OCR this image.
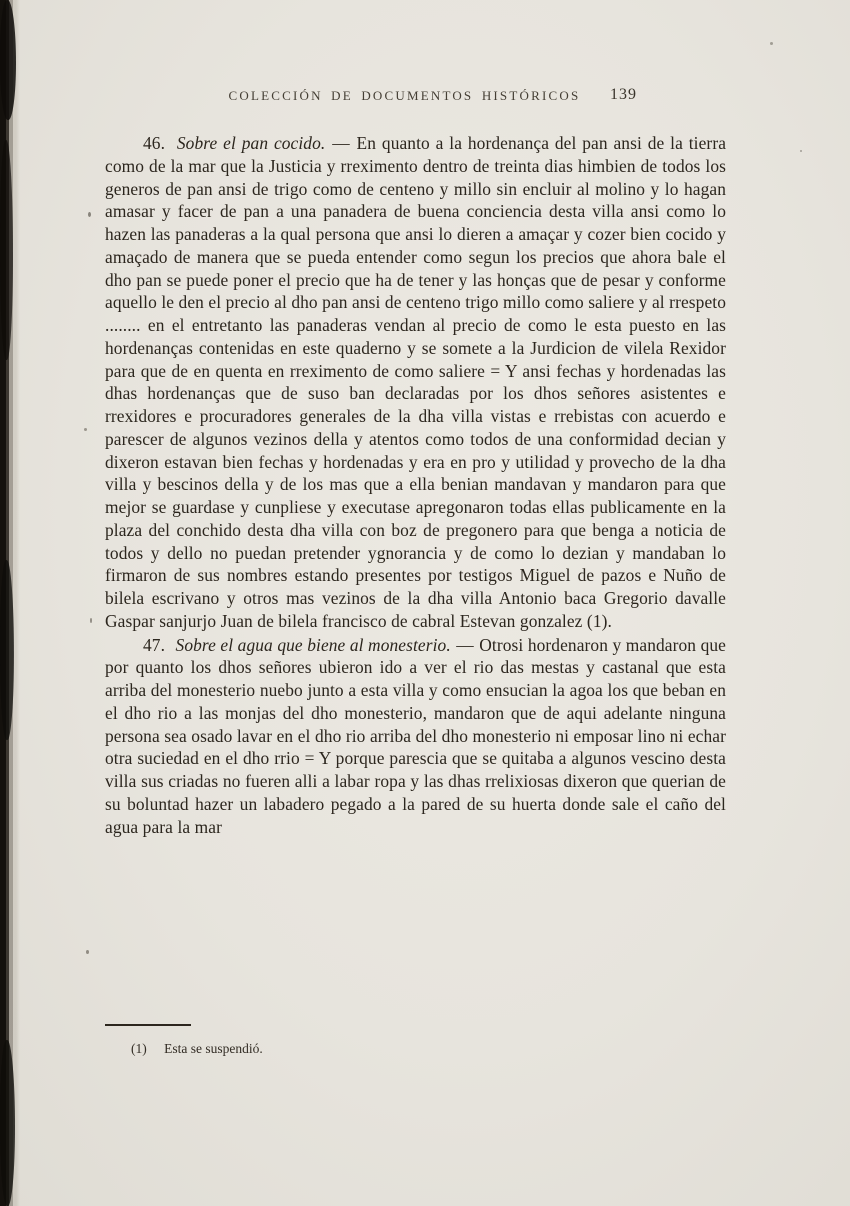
COLECCIÓN DE DOCUMENTOS HISTÓRICOS 139

46. Sobre el pan cocido. — En quanto a la hordenança del pan ansi de la tierra como de la mar que la Justicia y rreximento dentro de treinta dias himbien de todos los generos de pan ansi de trigo como de centeno y millo sin encluir al molino y lo hagan amasar y facer de pan a una panadera de buena conciencia desta villa ansi como lo hazen las panaderas a la qual persona que ansi lo dieren a amaçar y cozer bien cocido y amaçado de manera que se pueda entender como segun los precios que ahora bale el dho pan se puede poner el precio que ha de tener y las honças que de pesar y conforme aquello le den el precio al dho pan ansi de centeno trigo millo como saliere y al rrespeto ........ en el entretanto las panaderas vendan al precio de como le esta puesto en las hordenanças contenidas en este quaderno y se somete a la Jurdicion de vilela Rexidor para que de en quenta en rreximento de como saliere = Y ansi fechas y hordenadas las dhas hordenanças que de suso ban declaradas por los dhos señores asistentes e rrexidores e procuradores generales de la dha villa vistas e rrebistas con acuerdo e parescer de algunos vezinos della y atentos como todos de una conformidad decian y dixeron estavan bien fechas y hordenadas y era en pro y utilidad y provecho de la dha villa y bescinos della y de los mas que a ella benian mandavan y mandaron para que mejor se guardase y cunpliese y executase apregonaron todas ellas publicamente en la plaza del conchido desta dha villa con boz de pregonero para que benga a noticia de todos y dello no puedan pretender ygnorancia y de como lo dezian y mandaban lo firmaron de sus nombres estando presentes por testigos Miguel de pazos e Nuño de bilela escrivano y otros mas vezinos de la dha villa Antonio baca Gregorio davalle Gaspar sanjurjo Juan de bilela francisco de cabral Estevan gonzalez (1).

47. Sobre el agua que biene al monesterio. — Otrosi hordenaron y mandaron que por quanto los dhos señores ubieron ido a ver el rio das mestas y castanal que esta arriba del monesterio nuebo junto a esta villa y como ensucian la agoa los que beban en el dho rio a las monjas del dho monesterio, mandaron que de aqui adelante ninguna persona sea osado lavar en el dho rio arriba del dho monesterio ni emposar lino ni echar otra suciedad en el dho rrio = Y porque parescia que se quitaba a algunos vescino desta villa sus criadas no fueren alli a labar ropa y las dhas rrelixiosas dixeron que querian de su boluntad hazer un labadero pegado a la pared de su huerta donde sale el caño del agua para la mar

(1) Esta se suspendió.
